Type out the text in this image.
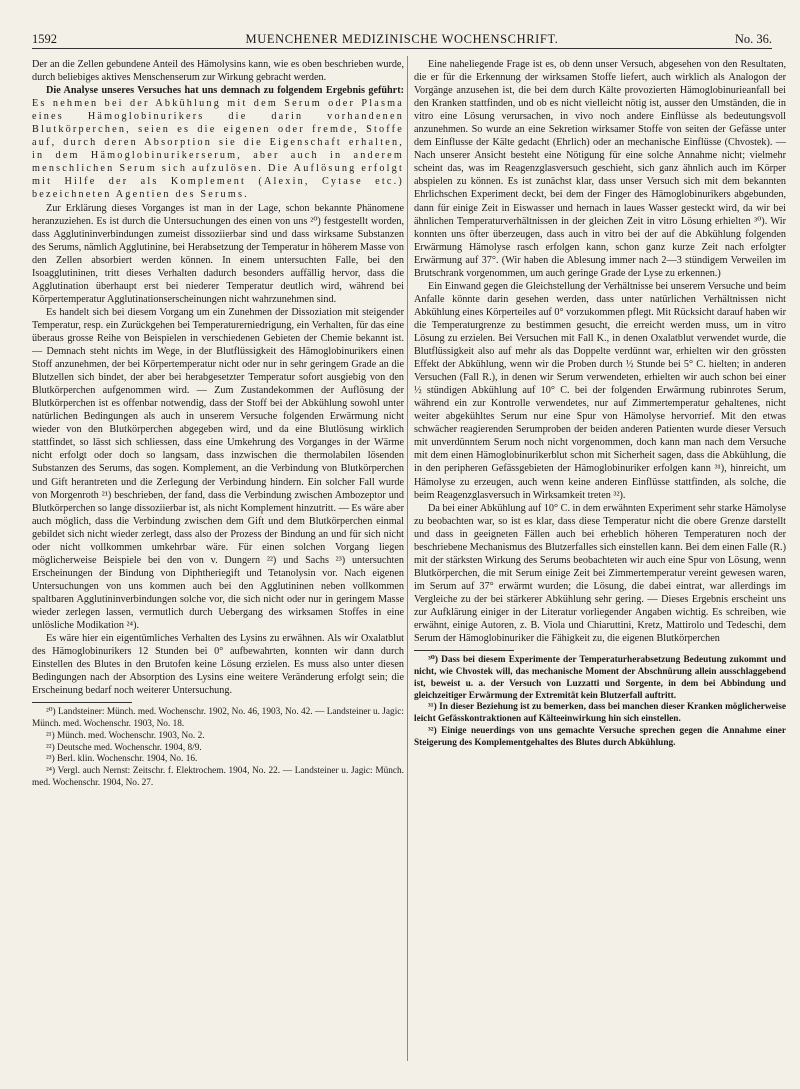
1592	MUENCHENER MEDIZINISCHE WOCHENSCHRIFT.	No. 36.

Der an die Zellen gebundene Anteil des Hämolysins kann, wie es oben beschrieben wurde, durch beliebiges aktives Menschenserum zur Wirkung gebracht werden.

Die Analyse unseres Versuches hat uns demnach zu folgendem Ergebnis geführt: Es nehmen bei der Abkühlung mit dem Serum oder Plasma eines Hämoglobinurikers die darin vorhandenen Blutkörperchen, seien es die eigenen oder fremde, Stoffe auf, durch deren Absorption sie die Eigenschaft erhalten, in dem Hämoglobinurikerserum, aber auch in anderem menschlichen Serum sich aufzulösen. Die Auflösung erfolgt mit Hilfe der als Komplement (Alexin, Cytase etc.) bezeichneten Agentien des Serums.

Zur Erklärung dieses Vorganges ist man in der Lage, schon bekannte Phänomene heranzuziehen. Es ist durch die Untersuchungen des einen von uns ²⁰) festgestellt worden, dass Agglutininverbindungen zumeist dissoziierbar sind und dass wirksame Substanzen des Serums, nämlich Agglutinine, bei Herabsetzung der Temperatur in höherem Masse von den Zellen absorbiert werden können. In einem untersuchten Falle, bei den Isoagglutininen, tritt dieses Verhalten dadurch besonders auffällig hervor, dass die Agglutination überhaupt erst bei niederer Temperatur deutlich wird, während bei Körpertemperatur Agglutinationserscheinungen nicht wahrzunehmen sind.

Es handelt sich bei diesem Vorgang um ein Zunehmen der Dissoziation mit steigender Temperatur, resp. ein Zurückgehen bei Temperaturerniedrigung, ein Verhalten, für das eine überaus grosse Reihe von Beispielen in verschiedenen Gebieten der Chemie bekannt ist. — Demnach steht nichts im Wege, in der Blutflüssigkeit des Hämoglobinurikers einen Stoff anzunehmen, der bei Körpertemperatur nicht oder nur in sehr geringem Grade an die Blutzellen sich bindet, der aber bei herabgesetzter Temperatur sofort ausgiebig von den Blutkörperchen aufgenommen wird. — Zum Zustandekommen der Auflösung der Blutkörperchen ist es offenbar notwendig, dass der Stoff bei der Abkühlung sowohl unter natürlichen Bedingungen als auch in unserem Versuche folgenden Erwärmung nicht wieder von den Blutkörperchen abgegeben wird, und da eine Blutlösung wirklich stattfindet, so lässt sich schliessen, dass eine Umkehrung des Vorganges in der Wärme nicht erfolgt oder doch so langsam, dass inzwischen die thermolabilen lösenden Substanzen des Serums, das sogen. Komplement, an die Verbindung von Blutkörperchen und Gift herantreten und die Zerlegung der Verbindung hindern. Ein solcher Fall wurde von Morgenroth ²¹) beschrieben, der fand, dass die Verbindung zwischen Ambozeptor und Blutkörperchen so lange dissoziierbar ist, als nicht Komplement hinzutritt. — Es wäre aber auch möglich, dass die Verbindung zwischen dem Gift und dem Blutkörperchen einmal gebildet sich nicht wieder zerlegt, dass also der Prozess der Bindung an und für sich nicht oder nicht vollkommen umkehrbar wäre. Für einen solchen Vorgang liegen möglicherweise Beispiele bei den von v. Dungern ²²) und Sachs ²³) untersuchten Erscheinungen der Bindung von Diphtheriegift und Tetanolysin vor. Nach eigenen Untersuchungen von uns kommen auch bei den Agglutininen neben vollkommen spaltbaren Agglutininverbindungen solche vor, die sich nicht oder nur in geringem Masse wieder zerlegen lassen, vermutlich durch Uebergang des wirksamen Stoffes in eine unlösliche Modikation ²⁴).

Es wäre hier ein eigentümliches Verhalten des Lysins zu erwähnen. Als wir Oxalatblut des Hämoglobinurikers 12 Stunden bei 0° aufbewahrten, konnten wir dann durch Einstellen des Blutes in den Brutofen keine Lösung erzielen. Es muss also unter diesen Bedingungen nach der Absorption des Lysins eine weitere Veränderung erfolgt sein; die Erscheinung bedarf noch weiterer Untersuchung.

²⁰) Landsteiner: Münch. med. Wochenschr. 1902, No. 46, 1903, No. 42. — Landsteiner u. Jagic: Münch. med. Wochenschr. 1903, No. 18.

²¹) Münch. med. Wochenschr. 1903, No. 2.

²²) Deutsche med. Wochenschr. 1904, 8/9.

²³) Berl. klin. Wochenschr. 1904, No. 16.

²⁴) Vergl. auch Nernst: Zeitschr. f. Elektrochem. 1904, No. 22. — Landsteiner u. Jagic: Münch. med. Wochenschr. 1904, No. 27.

Eine naheliegende Frage ist es, ob denn unser Versuch, abgesehen von den Resultaten, die er für die Erkennung der wirksamen Stoffe liefert, auch wirklich als Analogon der Vorgänge anzusehen ist, die bei dem durch Kälte provozierten Hämoglobinurieanfall bei den Kranken stattfinden, und ob es nicht vielleicht nötig ist, ausser den Umständen, die in vitro eine Lösung verursachen, in vivo noch andere Einflüsse als bedeutungsvoll anzunehmen. So wurde an eine Sekretion wirksamer Stoffe von seiten der Gefässe unter dem Einflusse der Kälte gedacht (Ehrlich) oder an mechanische Einflüsse (Chvostek). — Nach unserer Ansicht besteht eine Nötigung für eine solche Annahme nicht; vielmehr scheint das, was im Reagenzglasversuch geschieht, sich ganz ähnlich auch im Körper abspielen zu können. Es ist zunächst klar, dass unser Versuch sich mit dem bekannten Ehrlichschen Experiment deckt, bei dem der Finger des Hämoglobinurikers abgebunden, dann für einige Zeit in Eiswasser und hernach in laues Wasser gesteckt wird, da wir bei ähnlichen Temperaturverhältnissen in der gleichen Zeit in vitro Lösung erhielten ³⁰). Wir konnten uns öfter überzeugen, dass auch in vitro bei der auf die Abkühlung folgenden Erwärmung Hämolyse rasch erfolgen kann, schon ganz kurze Zeit nach erfolgter Erwärmung auf 37°. (Wir haben die Ablesung immer nach 2—3 stündigem Verweilen im Brutschrank vorgenommen, um auch geringe Grade der Lyse zu erkennen.)

Ein Einwand gegen die Gleichstellung der Verhältnisse bei unserem Versuche und beim Anfalle könnte darin gesehen werden, dass unter natürlichen Verhältnissen nicht Abkühlung eines Körperteiles auf 0° vorzukommen pflegt. Mit Rücksicht darauf haben wir die Temperaturgrenze zu bestimmen gesucht, die erreicht werden muss, um in vitro Lösung zu erzielen. Bei Versuchen mit Fall K., in denen Oxalatblut verwendet wurde, die Blutflüssigkeit also auf mehr als das Doppelte verdünnt war, erhielten wir den grössten Effekt der Abkühlung, wenn wir die Proben durch ½ Stunde bei 5° C. hielten; in anderen Versuchen (Fall R.), in denen wir Serum verwendeten, erhielten wir auch schon bei einer ½ stündigen Abkühlung auf 10° C. bei der folgenden Erwärmung rubinrotes Serum, während ein zur Kontrolle verwendetes, nur auf Zimmertemperatur gehaltenes, nicht weiter abgekühltes Serum nur eine Spur von Hämolyse hervorrief. Mit den etwas schwächer reagierenden Serumproben der beiden anderen Patienten wurde dieser Versuch mit unverdünntem Serum noch nicht vorgenommen, doch kann man nach dem Versuche mit dem einen Hämoglobinurikerblut schon mit Sicherheit sagen, dass die Abkühlung, die in den peripheren Gefässgebieten der Hämoglobinuriker erfolgen kann ³¹), hinreicht, um Hämolyse zu erzeugen, auch wenn keine anderen Einflüsse stattfinden, als solche, die beim Reagenzglasversuch in Wirksamkeit treten ³²).

Da bei einer Abkühlung auf 10° C. in dem erwähnten Experiment sehr starke Hämolyse zu beobachten war, so ist es klar, dass diese Temperatur nicht die obere Grenze darstellt und dass in geeigneten Fällen auch bei erheblich höheren Temperaturen noch der beschriebene Mechanismus des Blutzerfalles sich einstellen kann. Bei dem einen Falle (R.) mit der stärksten Wirkung des Serums beobachteten wir auch eine Spur von Lösung, wenn Blutkörperchen, die mit Serum einige Zeit bei Zimmertemperatur vereint gewesen waren, im Serum auf 37° erwärmt wurden; die Lösung, die dabei eintrat, war allerdings im Vergleiche zu der bei stärkerer Abkühlung sehr gering. — Dieses Ergebnis erscheint uns zur Aufklärung einiger in der Literatur vorliegender Angaben wichtig. Es schreiben, wie erwähnt, einige Autoren, z. B. Viola und Chiaruttini, Kretz, Mattirolo und Tedeschi, dem Serum der Hämoglobinuriker die Fähigkeit zu, die eigenen Blutkörperchen

³⁰) Dass bei diesem Experimente der Temperaturherabsetzung Bedeutung zukommt und nicht, wie Chvostek will, das mechanische Moment der Abschnürung allein ausschlaggebend ist, beweist u. a. der Versuch von Luzzatti und Sorgente, in dem bei Abbindung und gleichzeitiger Erwärmung der Extremität kein Blutzerfall auftritt.

³¹) In dieser Beziehung ist zu bemerken, dass bei manchen dieser Kranken möglicherweise leicht Gefässkontraktionen auf Kälteeinwirkung hin sich einstellen.

³²) Einige neuerdings von uns gemachte Versuche sprechen gegen die Annahme einer Steigerung des Komplementgehaltes des Blutes durch Abkühlung.
